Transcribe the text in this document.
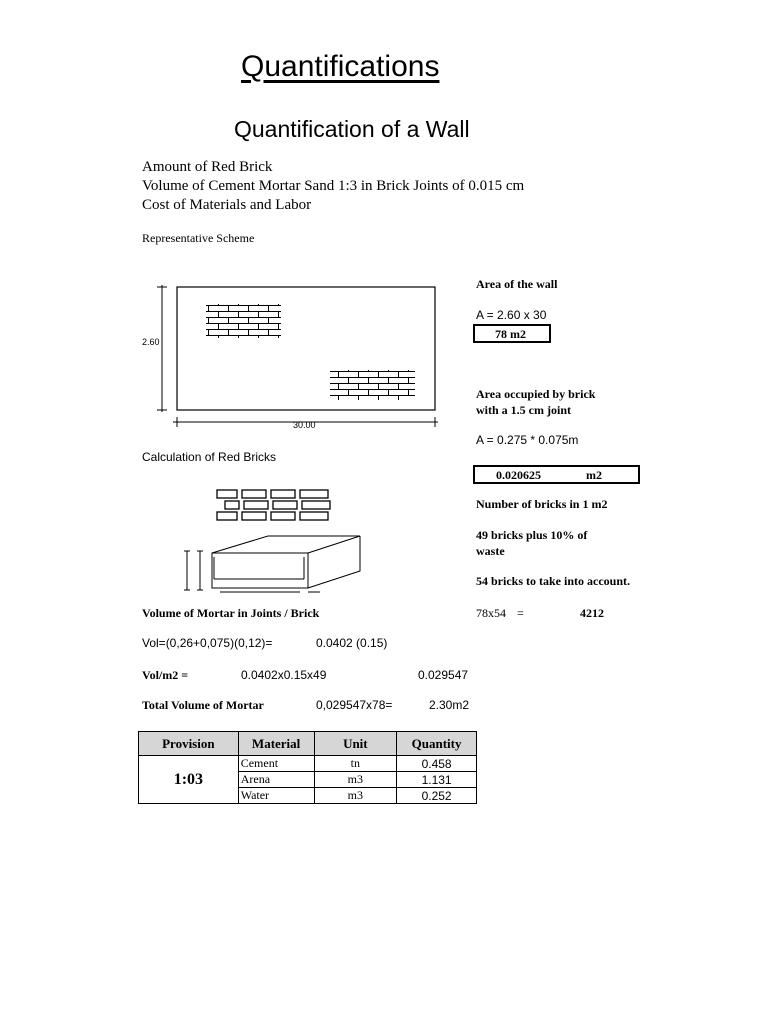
Quantifications
Quantification of a Wall
Amount of Red Brick
Volume of Cement Mortar Sand 1:3 in Brick Joints of 0.015 cm
Cost of Materials and Labor
Representative Scheme
2.60
30.00
Calculation of Red Bricks
Area of the wall
A = 2.60 x 30
78 m2
Area occupied by brick
with a 1.5 cm joint
A = 0.275 * 0.075m
0.020625	m2
Number of bricks in 1 m2
49 bricks plus 10% of
waste
54 bricks to take into account.
78x54 =	4212
Volume of Mortar in Joints / Brick
Vol=(0,26+0,075)(0,12)=	0.0402 (0.15)
Vol/m2 =	0.0402x0.15x49	0.029547
Total Volume of Mortar	0,029547x78=	2.30m2
Provision	Material	Unit	Quantity
1:03	Cement	tn	0.458
	Arena	m3	1.131
	Water	m3	0.252
